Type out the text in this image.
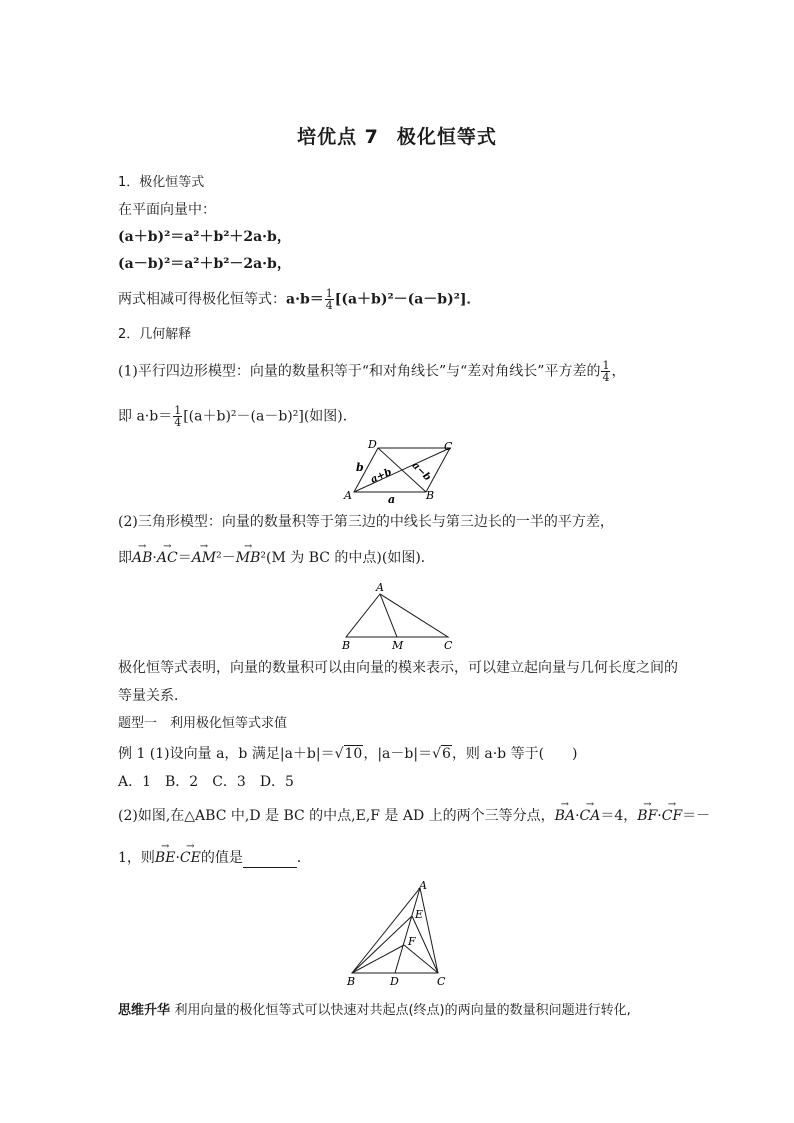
培优点 7 极化恒等式
1．极化恒等式
在平面向量中：
(a＋b)²＝a²＋b²＋2a·b，
(a－b)²＝a²＋b²－2a·b，
两式相减可得极化恒等式：$a\cdot b= \frac{1}{4} [(a+b)^2-(a-b)^2]$．
2．几何解释
(1)平行四边形模型：向量的数量积等于“和对角线长”与“差对角线长”平方差的 $\frac{1}{4}$ ，
即 $a\cdot b= \frac{1}{4} [(a+b)^2-(a-b)^2]$(如图)．
A	B
C
D
b
a
a+b a−b
(2)三角形模型：向量的数量积等于第三边的中线长与第三边长的一半的平方差，
即→ AB·→ AC＝→ AM²－→ MB²(M 为 BC 的中点)(如图)．
A
B	M	C
极化恒等式表明，向量的数量积可以由向量的模来表示，可以建立起向量与几何长度之间的
等量关系．
题型一　利用极化恒等式求值
例 1 (1)设向量 a，b 满足|a＋b|＝√10，|a－b|＝√6，则 a·b 等于(　　)
A．1　B．2　C．3　D．5
(2)如图,在△ABC 中,D 是 BC 的中点,E,F 是 AD 上的两个三等分点，→ BA·→ CA＝4，→ BF·→ CF＝－
1，则→ BE·→ CE的值是	．
A
E
F
B	D	C
思维升华 利用向量的极化恒等式可以快速对共起点(终点)的两向量的数量积问题进行转化,
